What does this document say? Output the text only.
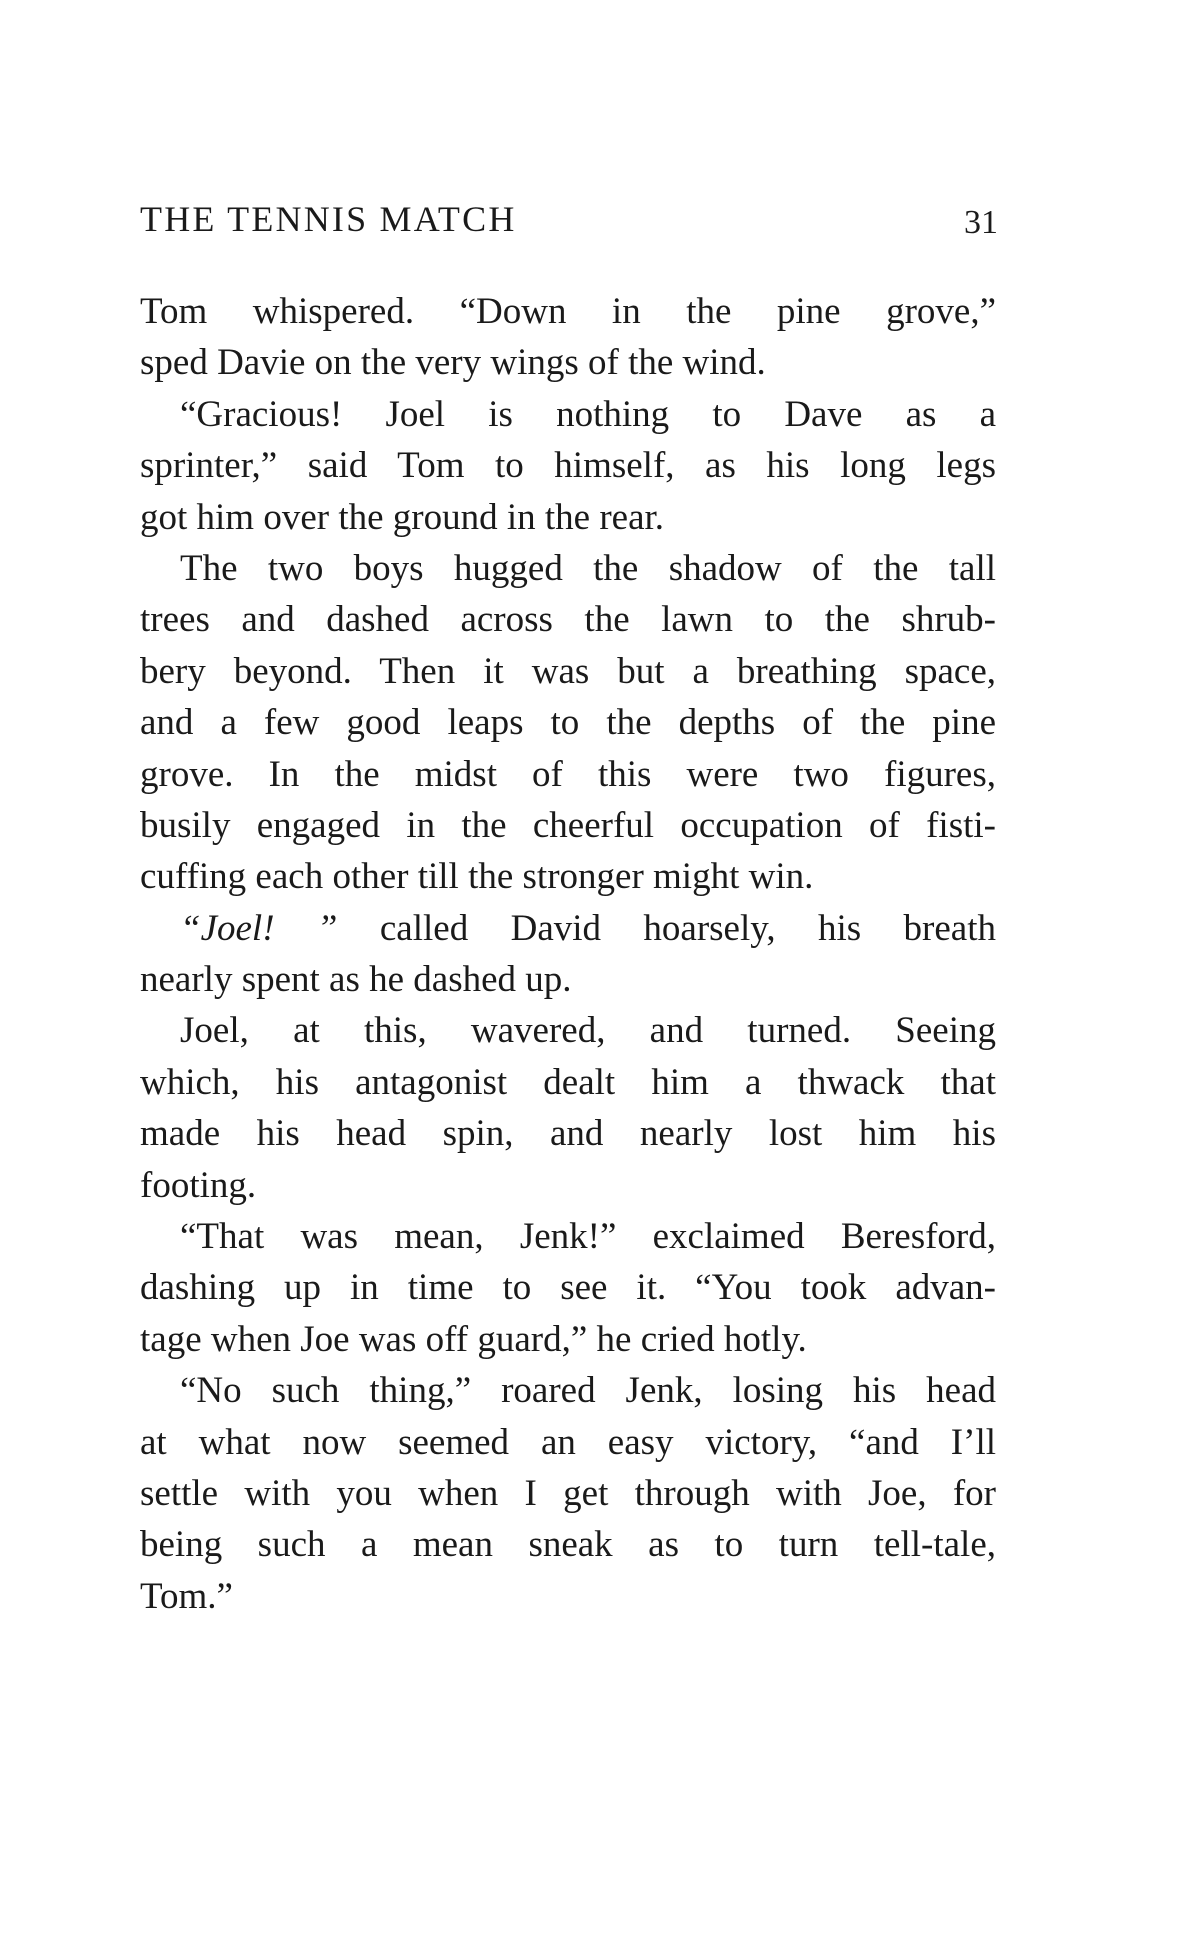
THE TENNIS MATCH	31
Tom whispered. “Down in the pine grove,”
sped Davie on the very wings of the wind.
“Gracious! Joel is nothing to Dave as a
sprinter,” said Tom to himself, as his long legs
got him over the ground in the rear.
The two boys hugged the shadow of the tall
trees and dashed across the lawn to the shrub-
bery beyond. Then it was but a breathing space,
and a few good leaps to the depths of the pine
grove. In the midst of this were two figures,
busily engaged in the cheerful occupation of fisti-
cuffing each other till the stronger might win.
“Joel! ” called David hoarsely, his breath
nearly spent as he dashed up.
Joel, at this, wavered, and turned. Seeing
which, his antagonist dealt him a thwack that
made his head spin, and nearly lost him his
footing.
“That was mean, Jenk!” exclaimed Beresford,
dashing up in time to see it. “You took advan-
tage when Joe was off guard,” he cried hotly.
“No such thing,” roared Jenk, losing his head
at what now seemed an easy victory, “and I’ll
settle with you when I get through with Joe, for
being such a mean sneak as to turn tell-tale,
Tom.”
